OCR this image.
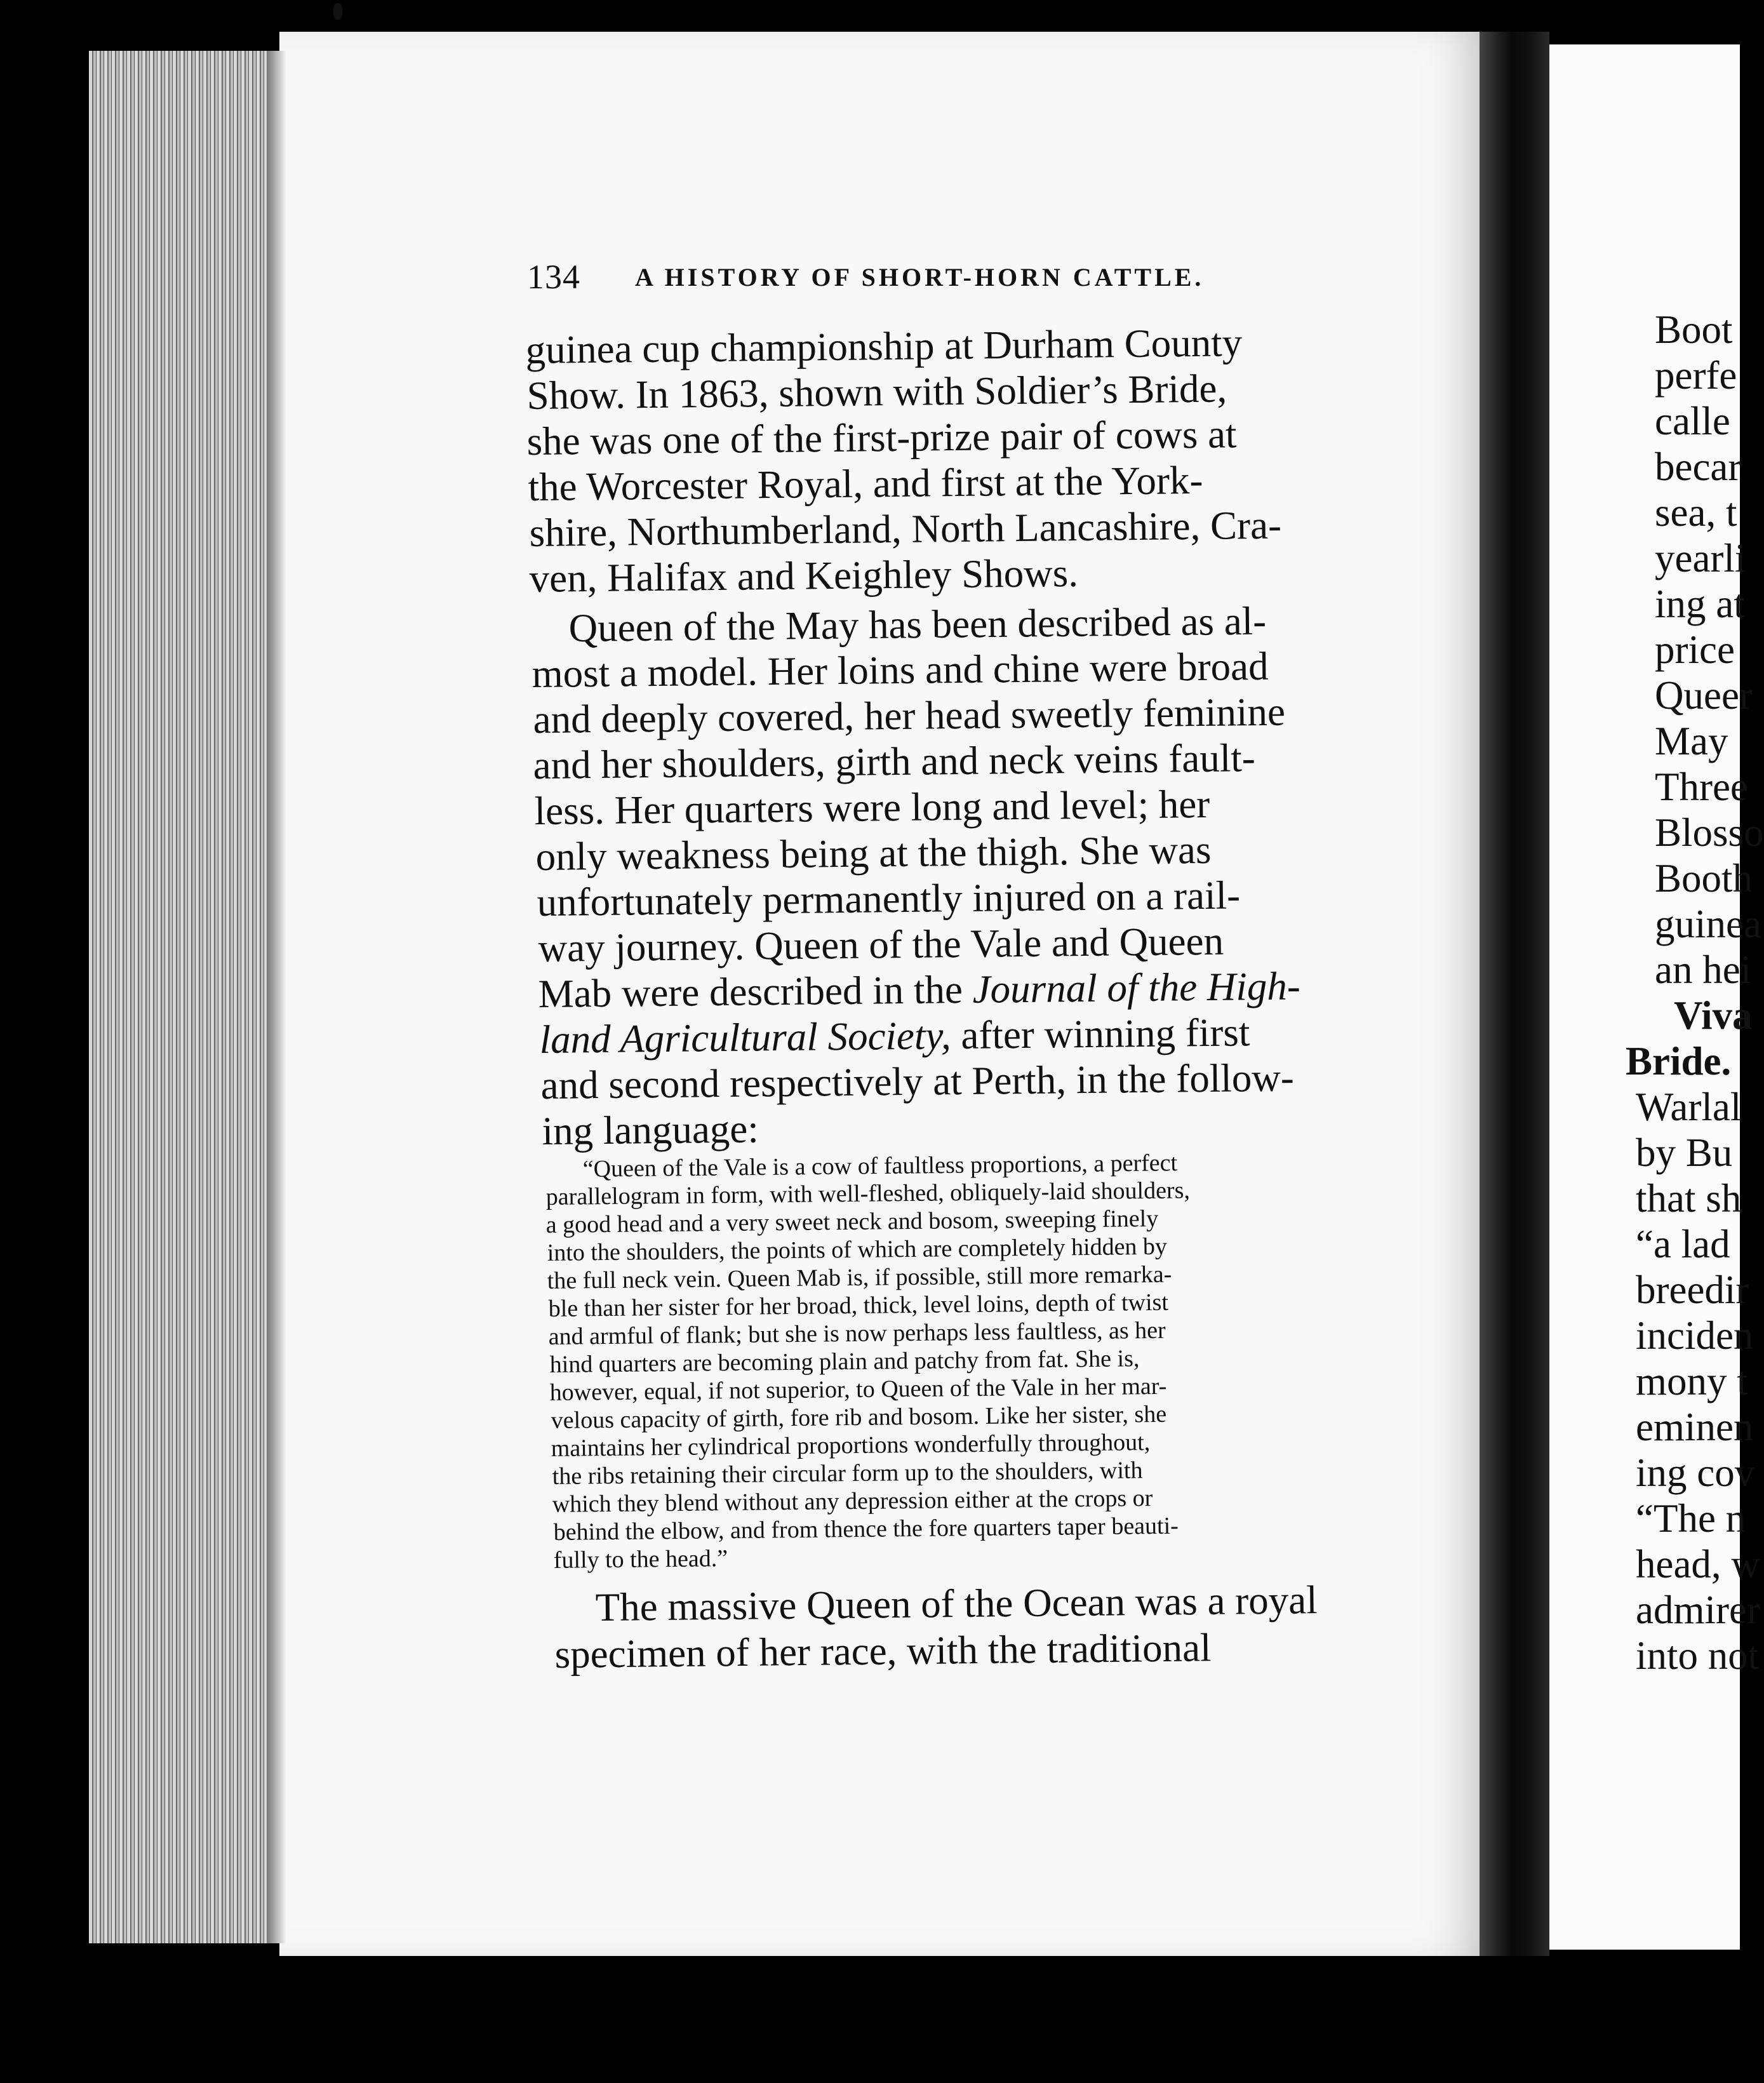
134 A HISTORY OF SHORT-HORN CATTLE.
guinea cup championship at Durham County
Show. In 1863, shown with Soldier’s Bride,
she was one of the first-prize pair of cows at
the Worcester Royal, and first at the York-
shire, Northumberland, North Lancashire, Cra-
ven, Halifax and Keighley Shows.
Queen of the May has been described as al-
most a model. Her loins and chine were broad
and deeply covered, her head sweetly feminine
and her shoulders, girth and neck veins fault-
less. Her quarters were long and level; her
only weakness being at the thigh. She was
unfortunately permanently injured on a rail-
way journey. Queen of the Vale and Queen
Mab were described in the Journal of the High-
land Agricultural Society, after winning first
and second respectively at Perth, in the follow-
ing language:
“Queen of the Vale is a cow of faultless proportions, a perfect
parallelogram in form, with well-fleshed, obliquely-laid shoulders,
a good head and a very sweet neck and bosom, sweeping finely
into the shoulders, the points of which are completely hidden by
the full neck vein. Queen Mab is, if possible, still more remarka-
ble than her sister for her broad, thick, level loins, depth of twist
and armful of flank; but she is now perhaps less faultless, as her
hind quarters are becoming plain and patchy from fat. She is,
however, equal, if not superior, to Queen of the Vale in her mar-
velous capacity of girth, fore rib and bosom. Like her sister, she
maintains her cylindrical proportions wonderfully throughout,
the ribs retaining their circular form up to the shoulders, with
which they blend without any depression either at the crops or
behind the elbow, and from thence the fore quarters taper beauti-
fully to the head.”
The massive Queen of the Ocean was a royal
specimen of her race, with the traditional
Boot
perfe
calle
becar
sea, t
yearli
ing at
price
Queer
May
Three
Blosso
Booth
guinea
an hei
Viva
Bride.
Warlal
by Bu
that sh
“a lad
breedir
inciden
mony t
eminen
ing cov
“The n
head, w
admirer
into not
